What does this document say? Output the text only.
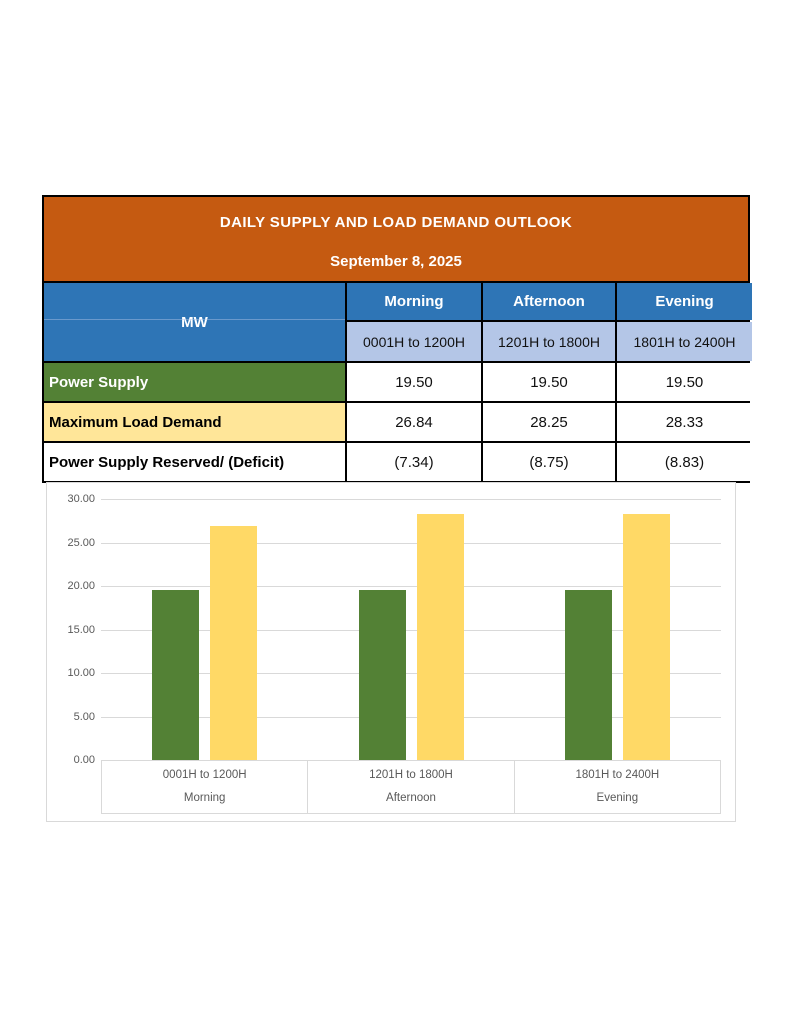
DAILY SUPPLY AND LOAD DEMAND OUTLOOK
September 8, 2025
MW
Morning	Afternoon	Evening
0001H to 1200H	1201H to 1800H	1801H to 2400H
Power Supply	19.50	19.50	19.50
Maximum Load Demand	26.84	28.25	28.33
Power Supply Reserved/ (Deficit)	(7.34)	(8.75)	(8.83)
0.00
5.00
10.00
15.00
20.00
25.00
30.00
0001H to 1200H
Morning
1201H to 1800H
Afternoon
1801H to 2400H
Evening
